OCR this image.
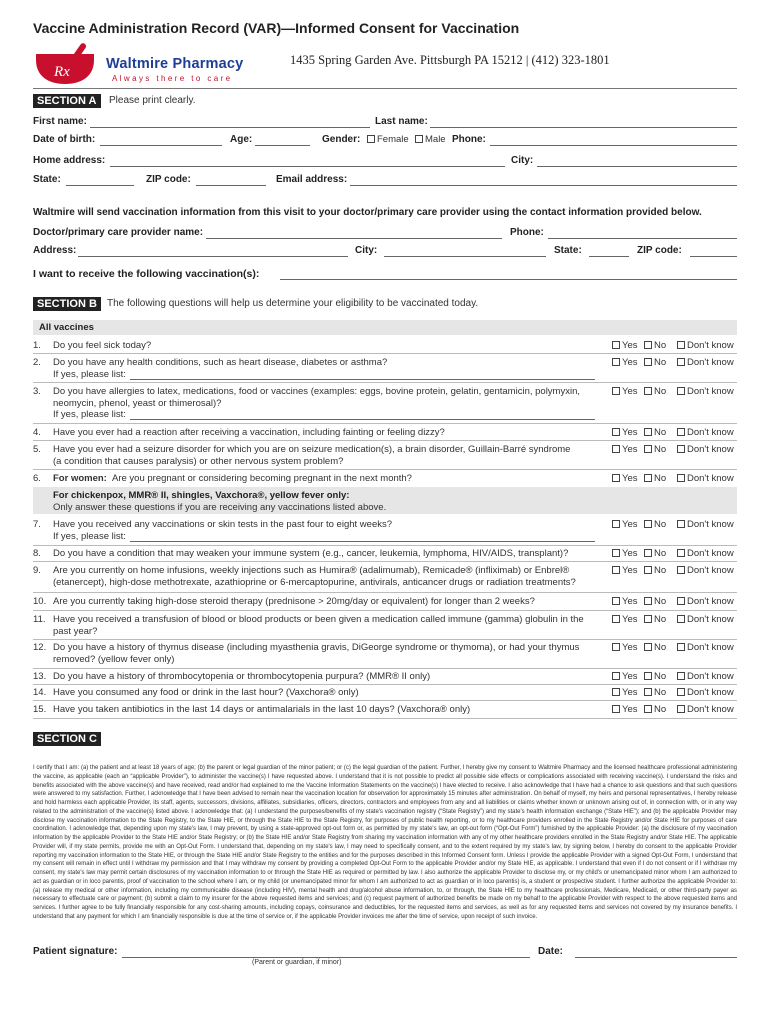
Vaccine Administration Record (VAR)—Informed Consent for Vaccination
Rx Waltmire Pharmacy
Always there to care
1435 Spring Garden Ave. Pittsburgh PA 15212 | (412) 323-1801
SECTION A	Please print clearly.
First name:	Last name:
Date of birth:	Age:	Gender:	Female	Male Phone:
Home address:	City:
State:	ZIP code:	Email address:
Waltmire will send vaccination information from this visit to your doctor/primary care provider using the contact information provided below.
Doctor/primary care provider name:	Phone:
Address:	City:	State:	ZIP code:
I want to receive the following vaccination(s):
SECTION B	The following questions will help us determine your eligibility to be vaccinated today.
All vaccines
1. Do you feel sick today?	Yes	No	Don't know
2. Do you have any health conditions, such as heart disease, diabetes or asthma?
If yes, please list:
Yes	No	Don't know
3. Do you have allergies to latex, medications, food or vaccines (examples: eggs, bovine protein, gelatin, gentamicin, polymyxin,
neomycin, phenol, yeast or thimerosal)?
If yes, please list:
Yes	No	Don't know
4. Have you ever had a reaction after receiving a vaccination, including fainting or feeling dizzy?	Yes	No	Don't know
5. Have you ever had a seizure disorder for which you are on seizure medication(s), a brain disorder, Guillain-Barré syndrome
(a condition that causes paralysis) or other nervous system problem?
Yes	No	Don't know
6. For women: Are you pregnant or considering becoming pregnant in the next month?	Yes	No	Don't know
For chickenpox, MMR® II, shingles, Vaxchora®, yellow fever only:
Only answer these questions if you are receiving any vaccinations listed above.
7. Have you received any vaccinations or skin tests in the past four to eight weeks?
If yes, please list:
Yes	No	Don't know
8. Do you have a condition that may weaken your immune system (e.g., cancer, leukemia, lymphoma, HIV/AIDS, transplant)?	Yes	No	Don't know
9. Are you currently on home infusions, weekly injections such as Humira® (adalimumab), Remicade® (infliximab) or Enbrel®
(etanercept), high-dose methotrexate, azathioprine or 6-mercaptopurine, antivirals, anticancer drugs or radiation treatments?
Yes	No	Don't know
10. Are you currently taking high-dose steroid therapy (prednisone > 20mg/day or equivalent) for longer than 2 weeks?	Yes	No	Don't know
11. Have you received a transfusion of blood or blood products or been given a medication called immune (gamma) globulin in the
past year?
Yes	No	Don't know
12. Do you have a history of thymus disease (including myasthenia gravis, DiGeorge syndrome or thymoma), or had your thymus
removed? (yellow fever only)
Yes	No	Don't know
13. Do you have a history of thrombocytopenia or thrombocytopenia purpura? (MMR® II only)	Yes	No	Don't know
14. Have you consumed any food or drink in the last hour? (Vaxchora® only)	Yes	No	Don't know
15. Have you taken antibiotics in the last 14 days or antimalarials in the last 10 days? (Vaxchora® only)	Yes	No	Don't know
SECTION C
I certify that I am: (a) the patient and at least 18 years of age; (b) the parent or legal guardian of the minor patient; or (c) the legal guardian of the patient. Further, I hereby give my consent to Waltmire Pharmacy and the licensed healthcare professional administering the vaccine, as applicable (each an “applicable Provider”), to administer the vaccine(s) I have requested above. I understand that it is not possible to predict all possible side effects or complications associated with receiving vaccine(s). I understand the risks and benefits associated with the above vaccine(s) and have received, read and/or had explained to me the Vaccine Information Statements on the vaccine(s) I have elected to receive. I also acknowledge that I have had a chance to ask questions and that such questions were answered to my satisfaction. Further, I acknowledge that I have been advised to remain near the vaccination location for observation for approximately 15 minutes after administration. On behalf of myself, my heirs and personal representatives, I hereby release and hold harmless each applicable Provider, its staff, agents, successors, divisions, affiliates, subsidiaries, officers, directors, contractors and employees from any and all liabilities or claims whether known or unknown arising out of, in connection with, or in any way related to the administration of the vaccine(s) listed above. I acknowledge that: (a) I understand the purposes/benefits of my state's vaccination registry (“State Registry”) and my state's health information exchange (“State HIE”); and (b) the applicable Provider may disclose my vaccination information to the State Registry, to the State HIE, or through the State HIE to the State Registry, for purposes of public health reporting, or to my healthcare providers enrolled in the State Registry and/or State HIE for purposes of care coordination. I acknowledge that, depending upon my state's law, I may prevent, by using a state-approved opt-out form or, as permitted by my state's law, an opt-out form (“Opt-Out Form”) furnished by the applicable Provider: (a) the disclosure of my vaccination information by the applicable Provider to the State HIE and/or State Registry; or (b) the State HIE and/or State Registry from sharing my vaccination information with any of my other healthcare providers enrolled in the State Registry and/or State HIE. The applicable Provider will, if my state permits, provide me with an Opt-Out Form. I understand that, depending on my state's law, I may need to specifically consent, and to the extent required by my state's law, by signing below, I hereby do consent to the applicable Provider reporting my vaccination information to the State HIE, or through the State HIE and/or State Registry to the entities and for the purposes described in this Informed Consent form. Unless I provide the applicable Provider with a signed Opt-Out Form, I understand that my consent will remain in effect until I withdraw my permission and that I may withdraw my consent by providing a completed Opt-Out Form to the applicable Provider and/or my State HIE, as applicable. I understand that even if I do not consent or if I withdraw my consent, my state's law may permit certain disclosures of my vaccination information to or through the State HIE as required or permitted by law. I also authorize the applicable Provider to disclose my, or my child's or unemancipated minor whom I am authorized to act as guardian or in loco parentis, proof of vaccination to the school where I am, or my child (or unemancipated minor for whom I am authorized to act as guardian or in loco parentis) is, a student or prospective student. I further authorize the applicable Provider to: (a) release my medical or other information, including my communicable disease (including HIV), mental health and drug/alcohol abuse information, to, or through, the State HIE to my healthcare professionals, Medicare, Medicaid, or other third-party payer as necessary to effectuate care or payment; (b) submit a claim to my insurer for the above requested items and services; and (c) request payment of authorized benefits be made on my behalf to the applicable Provider with respect to the above requested items and services. I further agree to be fully financially responsible for any cost-sharing amounts, including copays, coinsurance and deductibles, for the requested items and services, as well as for any requested items and services not covered by my insurance benefits. I understand that any payment for which I am financially responsible is due at the time of service or, if the applicable Provider invoices me after the time of service, upon receipt of such invoice.
Patient signature:
(Parent or guardian, if minor)
Date:
